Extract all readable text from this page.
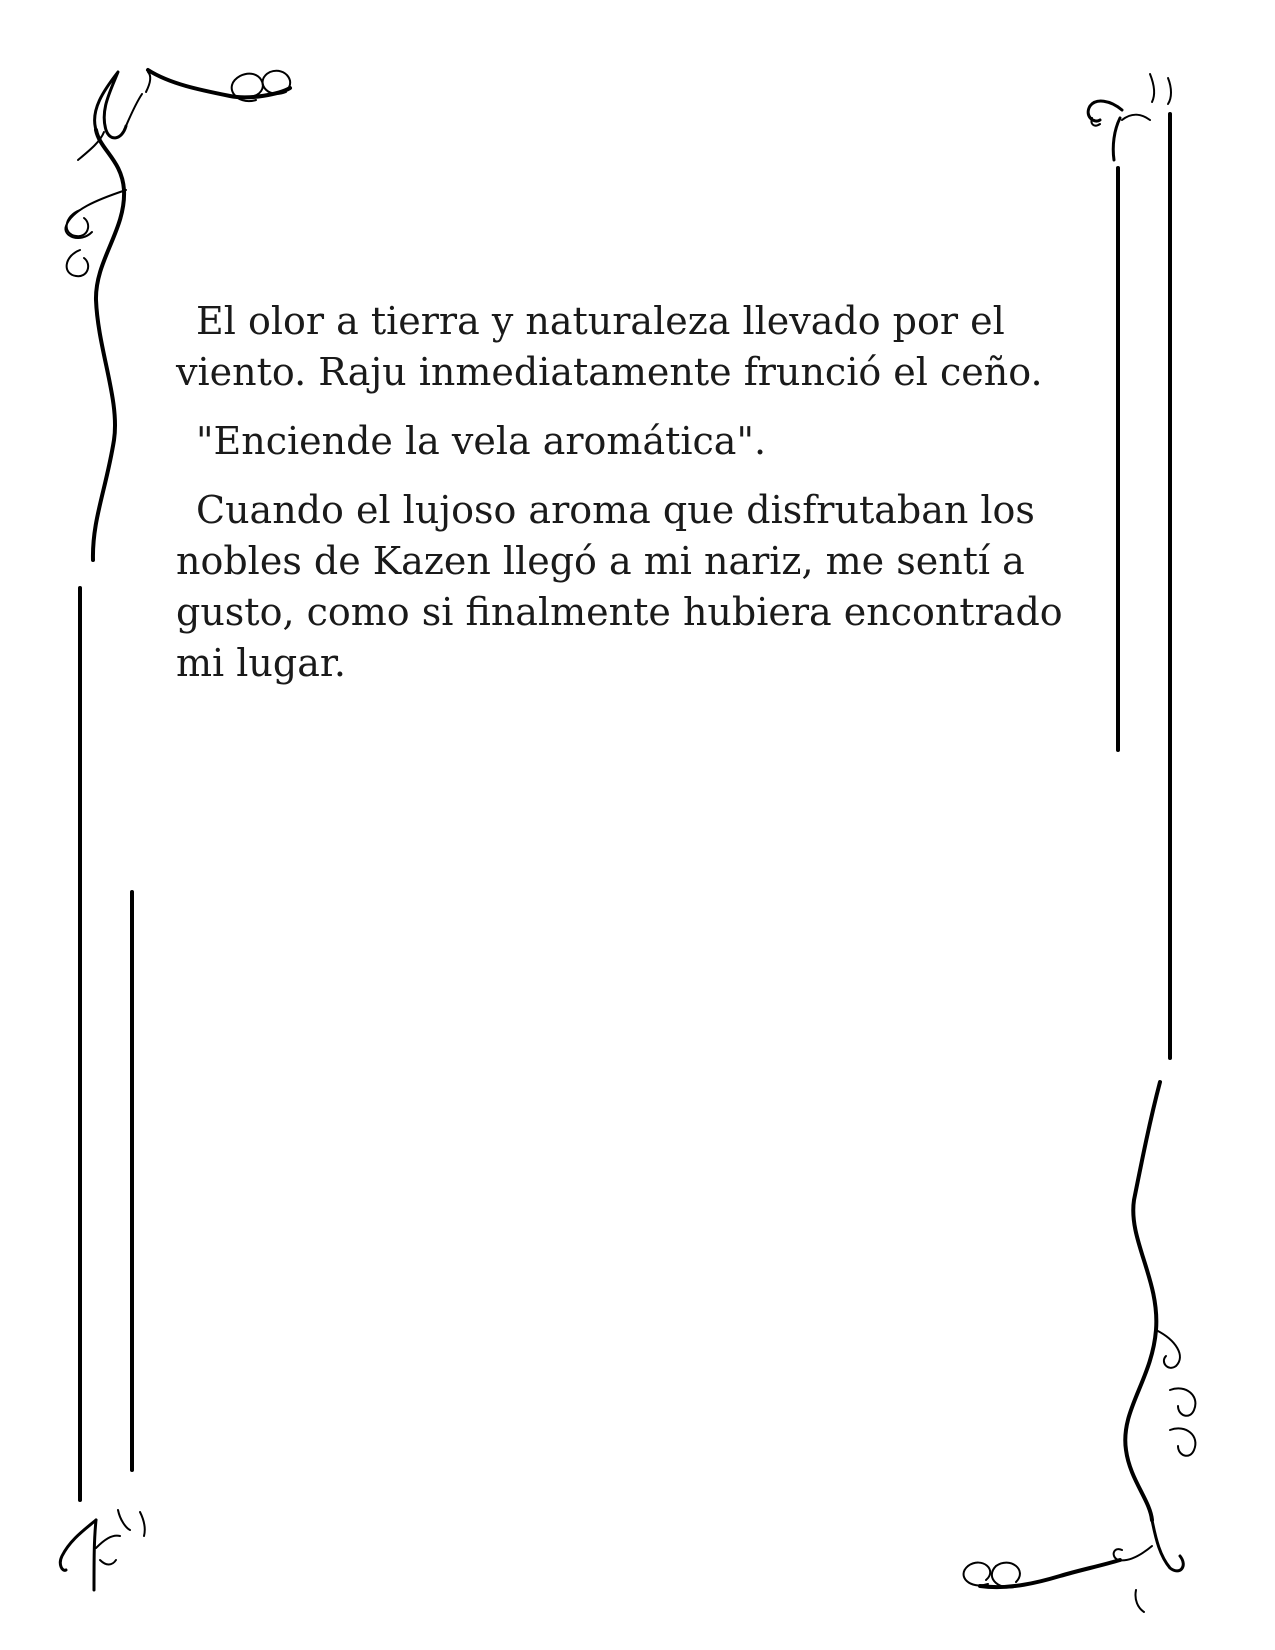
El olor a tierra y naturaleza llevado por el
viento. Raju inmediatamente frunció el ceño.

"Enciende la vela aromática".

Cuando el lujoso aroma que disfrutaban los
nobles de Kazen llegó a mi nariz, me sentí a
gusto, como si finalmente hubiera encontrado
mi lugar.
